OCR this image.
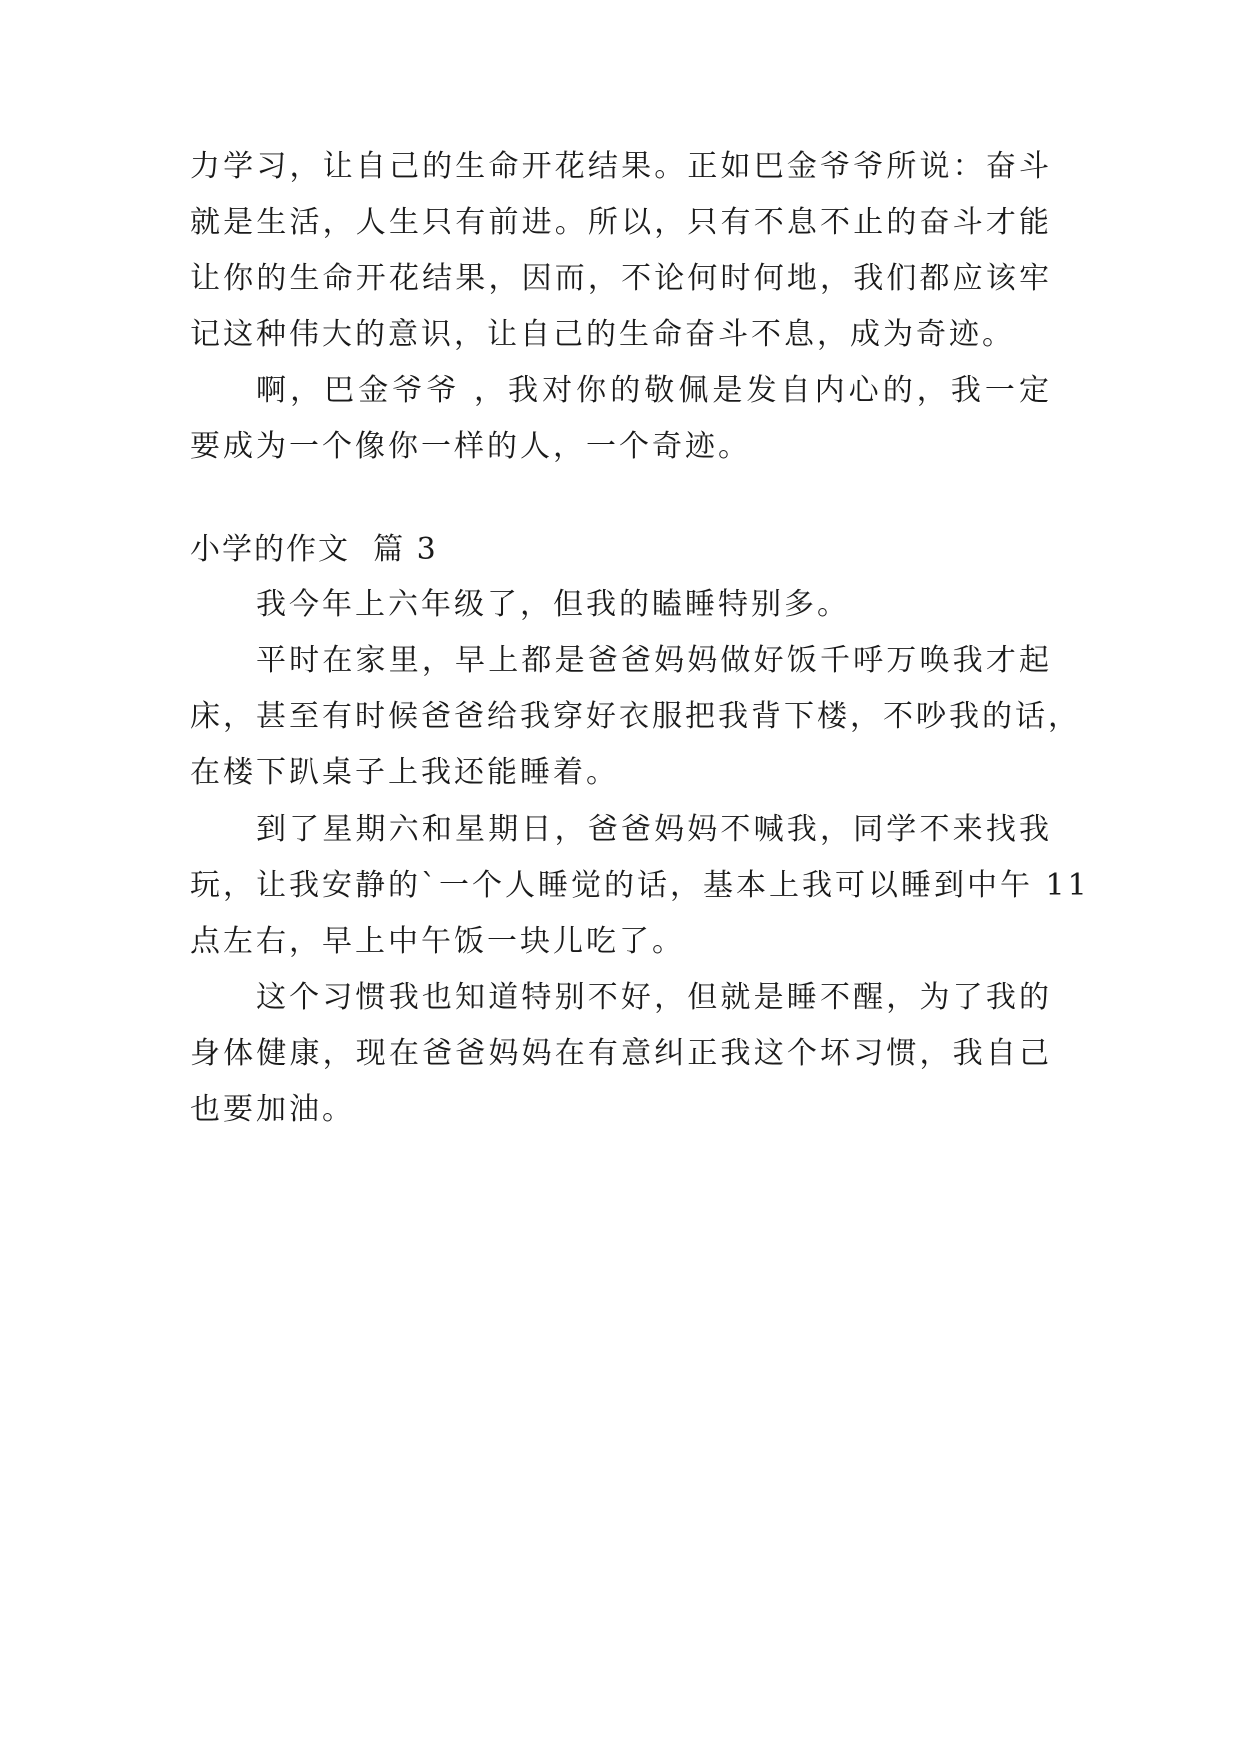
力学习，让自己的生命开花结果。正如巴金爷爷所说：奋斗
就是生活，人生只有前进。所以，只有不息不止的奋斗才能
让你的生命开花结果，因而，不论何时何地，我们都应该牢
记这种伟大的意识，让自己的生命奋斗不息，成为奇迹。
啊，巴金爷爷 ，我对你的敬佩是发自内心的，我一定
要成为一个像你一样的人，一个奇迹。
小学的作文  篇 3
我今年上六年级了，但我的瞌睡特别多。
平时在家里，早上都是爸爸妈妈做好饭千呼万唤我才起
床，甚至有时候爸爸给我穿好衣服把我背下楼，不吵我的话，
在楼下趴桌子上我还能睡着。
到了星期六和星期日，爸爸妈妈不喊我，同学不来找我
玩，让我安静的`一个人睡觉的话，基本上我可以睡到中午 11
点左右，早上中午饭一块儿吃了。
这个习惯我也知道特别不好，但就是睡不醒，为了我的
身体健康，现在爸爸妈妈在有意纠正我这个坏习惯，我自己
也要加油。
